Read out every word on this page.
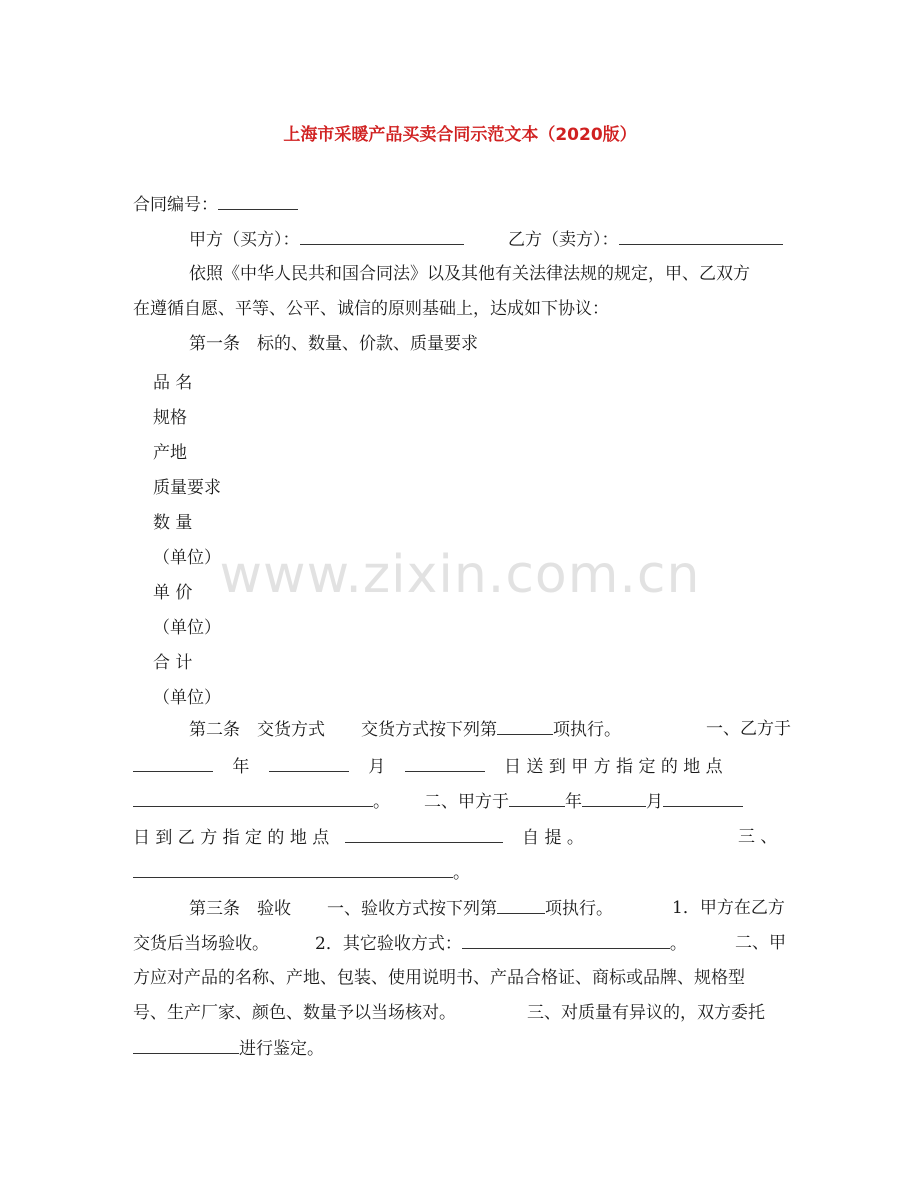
上海市采暖产品买卖合同示范文本（2020版）
合同编号：
甲方（买方）：	乙方（卖方）：
依照《中华人民共和国合同法》以及其他有关法律法规的规定，甲、乙双方
在遵循自愿、平等、公平、诚信的原则基础上，达成如下协议：
第一条　标的、数量、价款、质量要求
品 名
规格
产地
质量要求
数 量
（单位）
单 价
（单位）
合 计
（单位）
www.zixin.com.cn
第二条　交货方式 交货方式按下列第	项执行。	一、乙方于
年	月	日 送 到 甲 方 指 定 的 地 点
。 二、甲方于	年	月
日 到 乙 方 指 定 的 地 点	自 提 。	三 、
。
第三条　验收 一、验收方式按下列第	项执行。	1．甲方在乙方
交货后当场验收。	2．其它验收方式：	。	二、甲
方应对产品的名称、产地、包装、使用说明书、产品合格证、商标或品牌、规格型
号、生产厂家、颜色、数量予以当场核对。	三、对质量有异议的，双方委托
进行鉴定。
